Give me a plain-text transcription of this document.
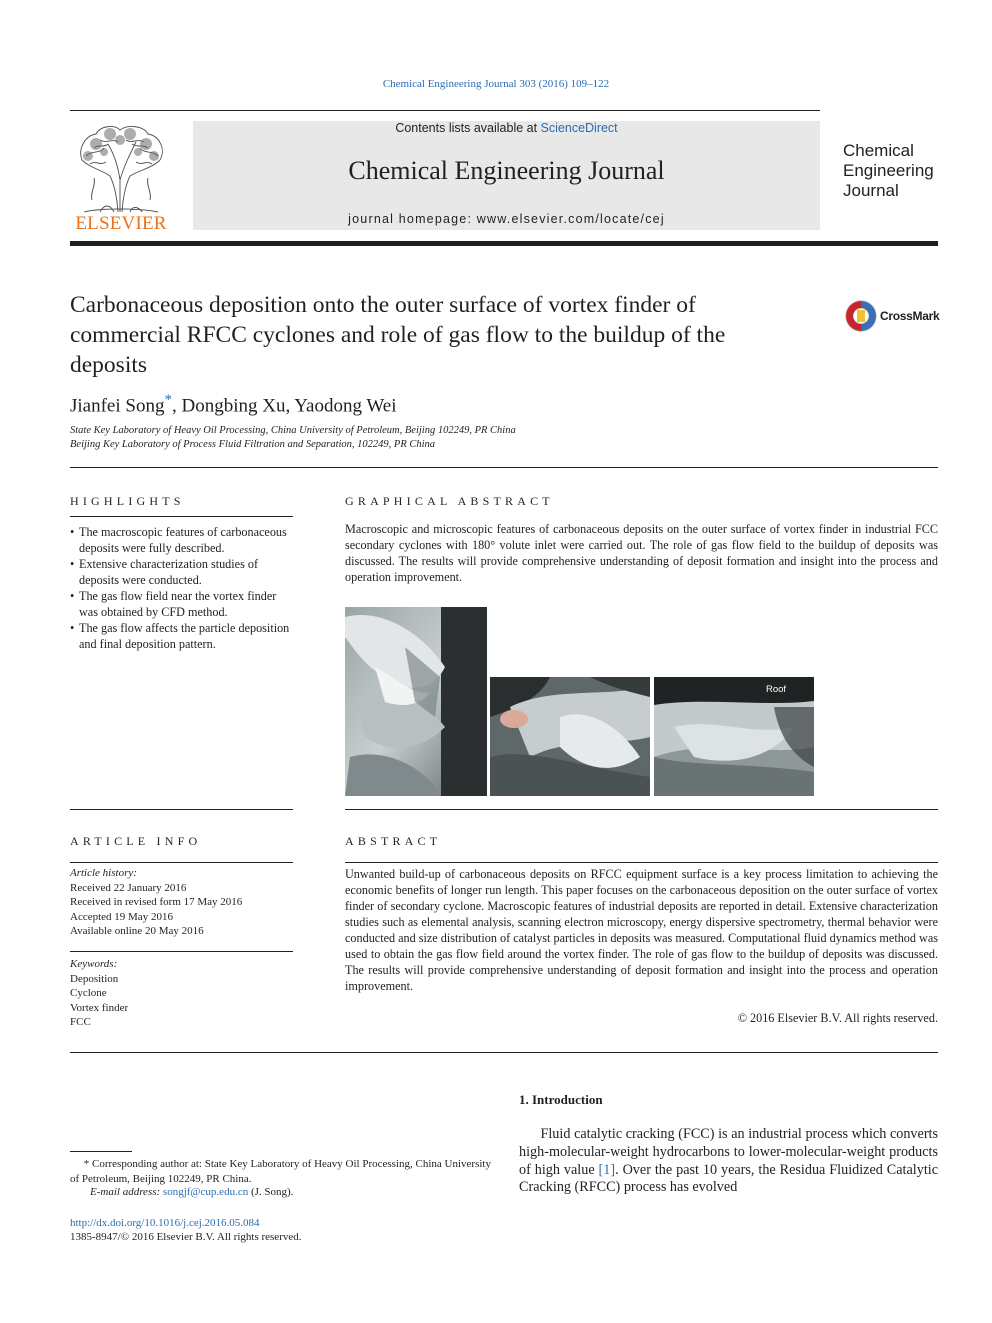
Chemical Engineering Journal 303 (2016) 109–122
ELSEVIER
Contents lists available at ScienceDirect
Chemical Engineering Journal
journal homepage: www.elsevier.com/locate/cej
Chemical
Engineering
Journal
Carbonaceous deposition onto the outer surface of vortex finder of commercial RFCC cyclones and role of gas flow to the buildup of the deposits
CrossMark
Jianfei Song*, Dongbing Xu, Yaodong Wei
State Key Laboratory of Heavy Oil Processing, China University of Petroleum, Beijing 102249, PR China
Beijing Key Laboratory of Process Fluid Filtration and Separation, 102249, PR China
HIGHLIGHTS
• The macroscopic features of carbonaceous deposits were fully described.
• Extensive characterization studies of deposits were conducted.
• The gas flow field near the vortex finder was obtained by CFD method.
• The gas flow affects the particle deposition and final deposition pattern.
GRAPHICAL ABSTRACT
Macroscopic and microscopic features of carbonaceous deposits on the outer surface of vortex finder in industrial FCC secondary cyclones with 180° volute inlet were carried out. The role of gas flow field to the buildup of deposits was discussed. The results will provide comprehensive understanding of deposit formation and insight into the process and operation improvement.
Roof
ARTICLE INFO
Article history:
Received 22 January 2016
Received in revised form 17 May 2016
Accepted 19 May 2016
Available online 20 May 2016
Keywords:
Deposition
Cyclone
Vortex finder
FCC
ABSTRACT
Unwanted build-up of carbonaceous deposits on RFCC equipment surface is a key process limitation to achieving the economic benefits of longer run length. This paper focuses on the carbonaceous deposition on the outer surface of vortex finder of secondary cyclone. Macroscopic features of industrial deposits are reported in detail. Extensive characterization studies such as elemental analysis, scanning electron microscopy, energy dispersive spectrometry, thermal behavior were conducted and size distribution of catalyst particles in deposits was measured. Computational fluid dynamics method was used to obtain the gas flow field around the vortex finder. The role of gas flow to the buildup of deposits was discussed. The results will provide comprehensive understanding of deposit formation and insight into the process and operation improvement.
© 2016 Elsevier B.V. All rights reserved.
1. Introduction
   Fluid catalytic cracking (FCC) is an industrial process which converts high-molecular-weight hydrocarbons to lower-molecular-weight products of high value [1]. Over the past 10 years, the Residua Fluidized Catalytic Cracking (RFCC) process has evolved
  * Corresponding author at: State Key Laboratory of Heavy Oil Processing, China University of Petroleum, Beijing 102249, PR China.
E-mail address: songjf@cup.edu.cn (J. Song).
http://dx.doi.org/10.1016/j.cej.2016.05.084
1385-8947/© 2016 Elsevier B.V. All rights reserved.
